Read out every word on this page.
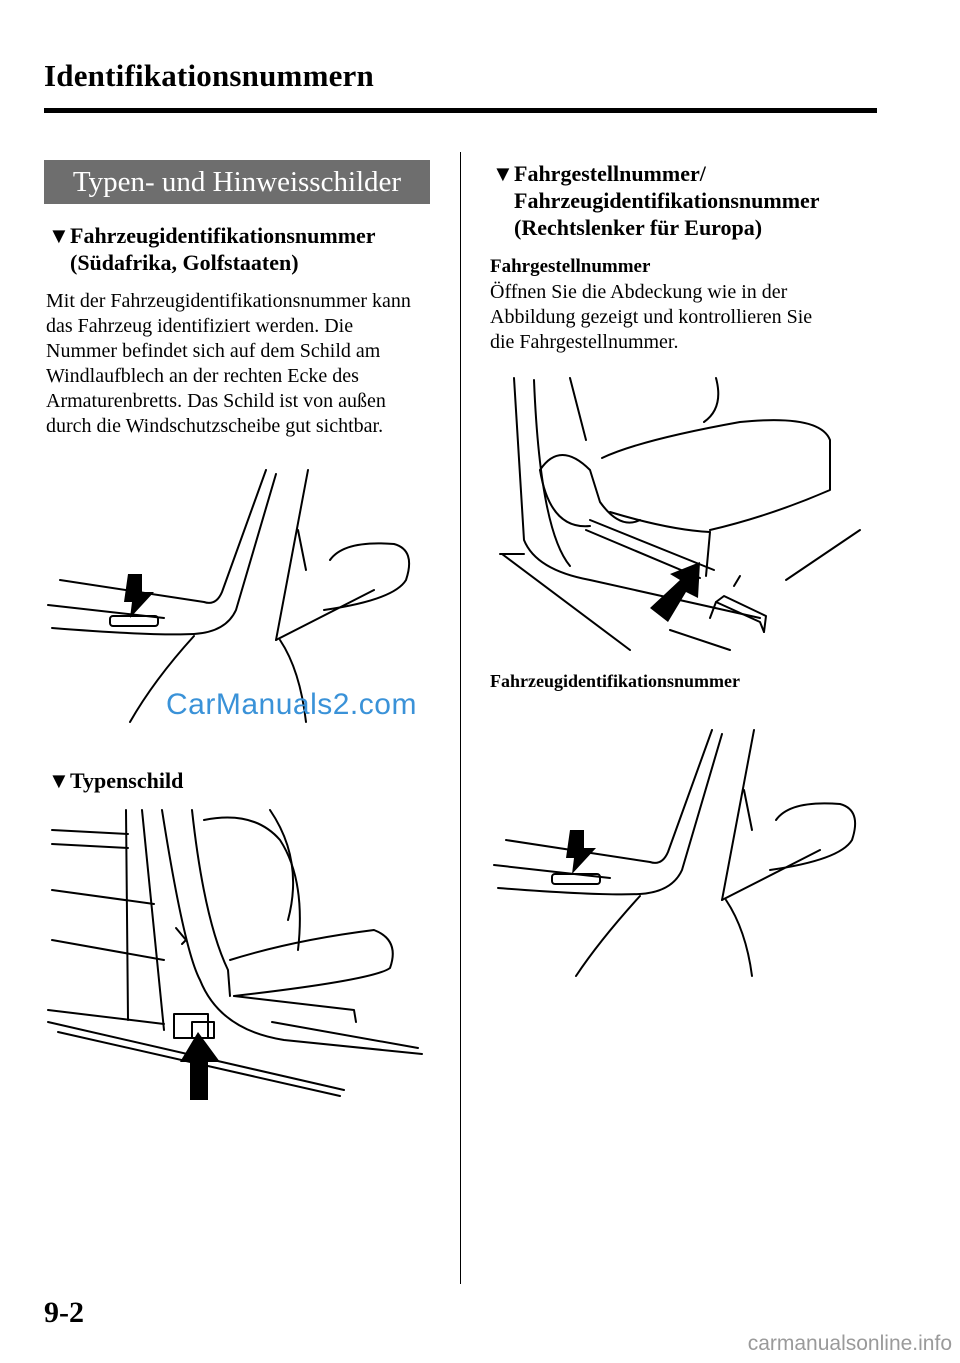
Identifikationsnummern
Typen- und Hinweisschilder
▼Fahrzeugidentifikationsnummer
(Südafrika, Golfstaaten)
Mit der Fahrzeugidentifikationsnummer kann
das Fahrzeug identifiziert werden. Die
Nummer befindet sich auf dem Schild am
Windlaufblech an der rechten Ecke des
Armaturenbretts. Das Schild ist von außen
durch die Windschutzscheibe gut sichtbar.
CarManuals2.com
▼Typenschild
▼Fahrgestellnummer/
Fahrzeugidentifikationsnummer
(Rechtslenker für Europa)
Fahrgestellnummer
Öffnen Sie die Abdeckung wie in der
Abbildung gezeigt und kontrollieren Sie
die Fahrgestellnummer.
Fahrzeugidentifikationsnummer
9-2
carmanualsonline.info
